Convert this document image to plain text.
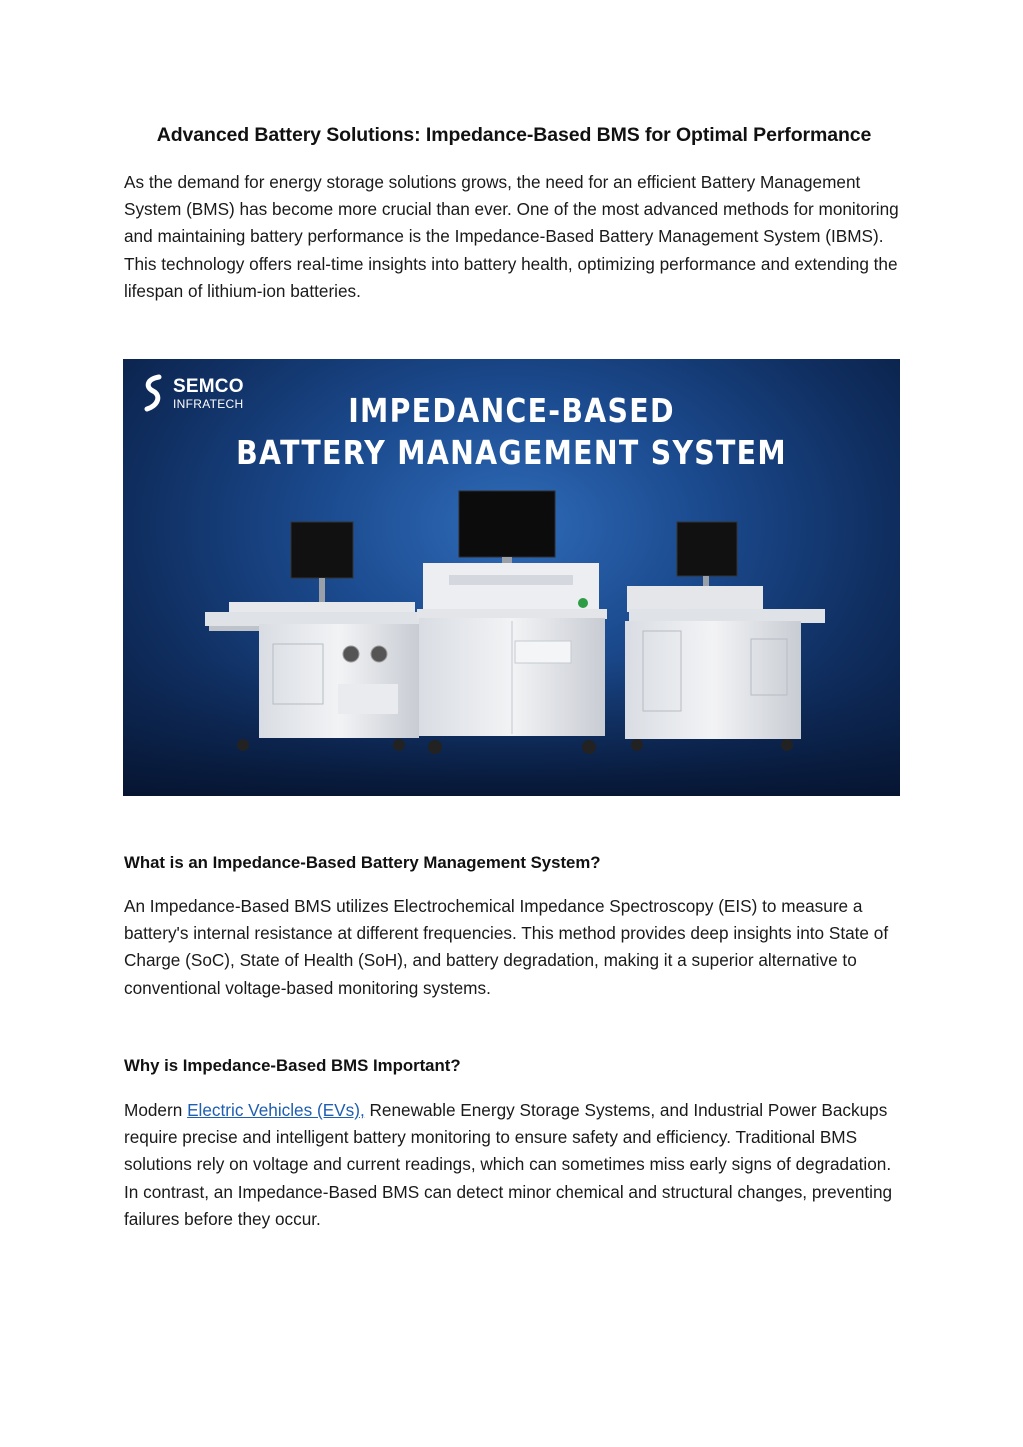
Advanced Battery Solutions: Impedance-Based BMS for Optimal Performance
As the demand for energy storage solutions grows, the need for an efficient Battery Management System (BMS) has become more crucial than ever. One of the most advanced methods for monitoring and maintaining battery performance is the Impedance-Based Battery Management System (IBMS). This technology offers real-time insights into battery health, optimizing performance and extending the lifespan of lithium-ion batteries.
SEMCO
INFRATECH	IMPEDANCE-BASED
BATTERY MANAGEMENT SYSTEM
What is an Impedance-Based Battery Management System?
An Impedance-Based BMS utilizes Electrochemical Impedance Spectroscopy (EIS) to measure a battery's internal resistance at different frequencies. This method provides deep insights into State of Charge (SoC), State of Health (SoH), and battery degradation, making it a superior alternative to conventional voltage-based monitoring systems.
Why is Impedance-Based BMS Important?
Modern Electric Vehicles (EVs), Renewable Energy Storage Systems, and Industrial Power Backups require precise and intelligent battery monitoring to ensure safety and efficiency. Traditional BMS solutions rely on voltage and current readings, which can sometimes miss early signs of degradation. In contrast, an Impedance-Based BMS can detect minor chemical and structural changes, preventing failures before they occur.
